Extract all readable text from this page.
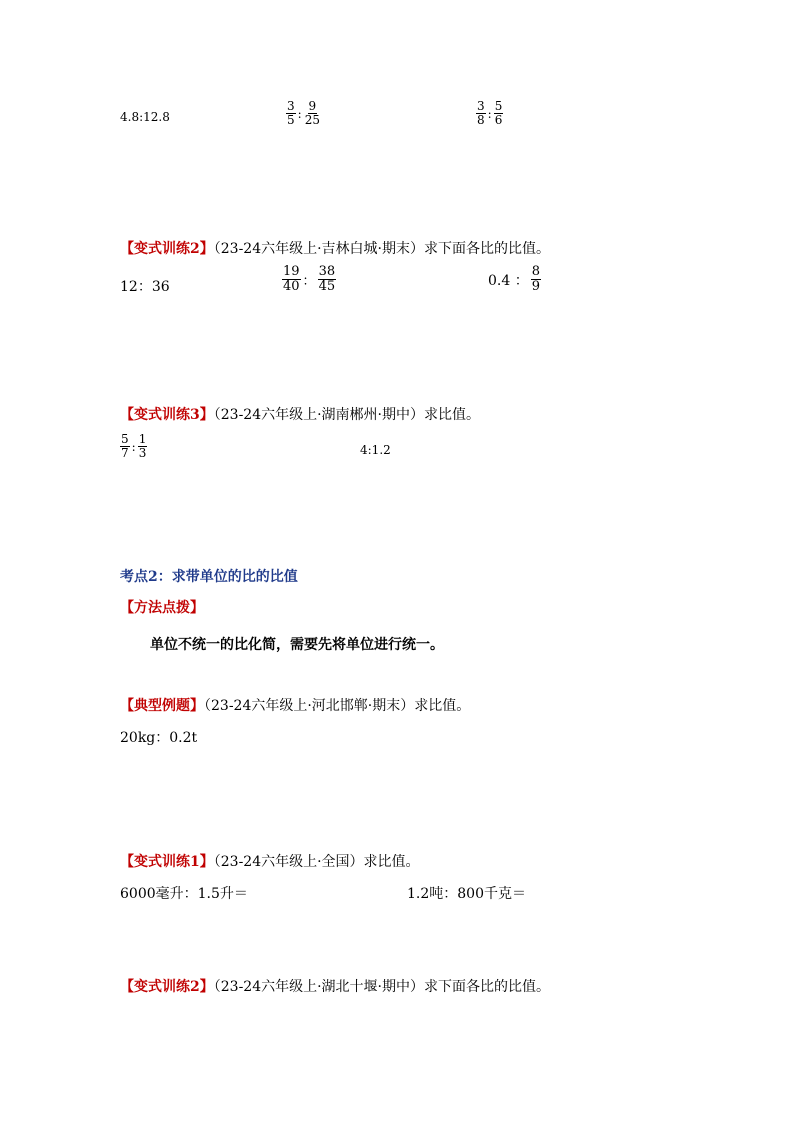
4.8:12.8	$\frac{3}{5}$ : $\frac{9}{25}$	$\frac{3}{8}$ : $\frac{5}{6}$
【变式训练2】（23-24六年级上·吉林白城·期末）求下面各比的比值。
12：36	$\frac{19}{40}$ ： $\frac{38}{45}$	0.4 ： $\frac{8}{9}$
【变式训练3】（23-24六年级上·湖南郴州·期中）求比值。
$\frac{5}{7}$ : $\frac{1}{3}$	4:1.2
考点2：求带单位的比的比值
【方法点拨】
单位不统一的比化简，需要先将单位进行统一。
【典型例题】（23-24六年级上·河北邯郸·期末）求比值。
20kg：0.2t
【变式训练1】（23-24六年级上·全国）求比值。
6000毫升：1.5升＝	1.2吨：800千克＝
【变式训练2】（23-24六年级上·湖北十堰·期中）求下面各比的比值。
